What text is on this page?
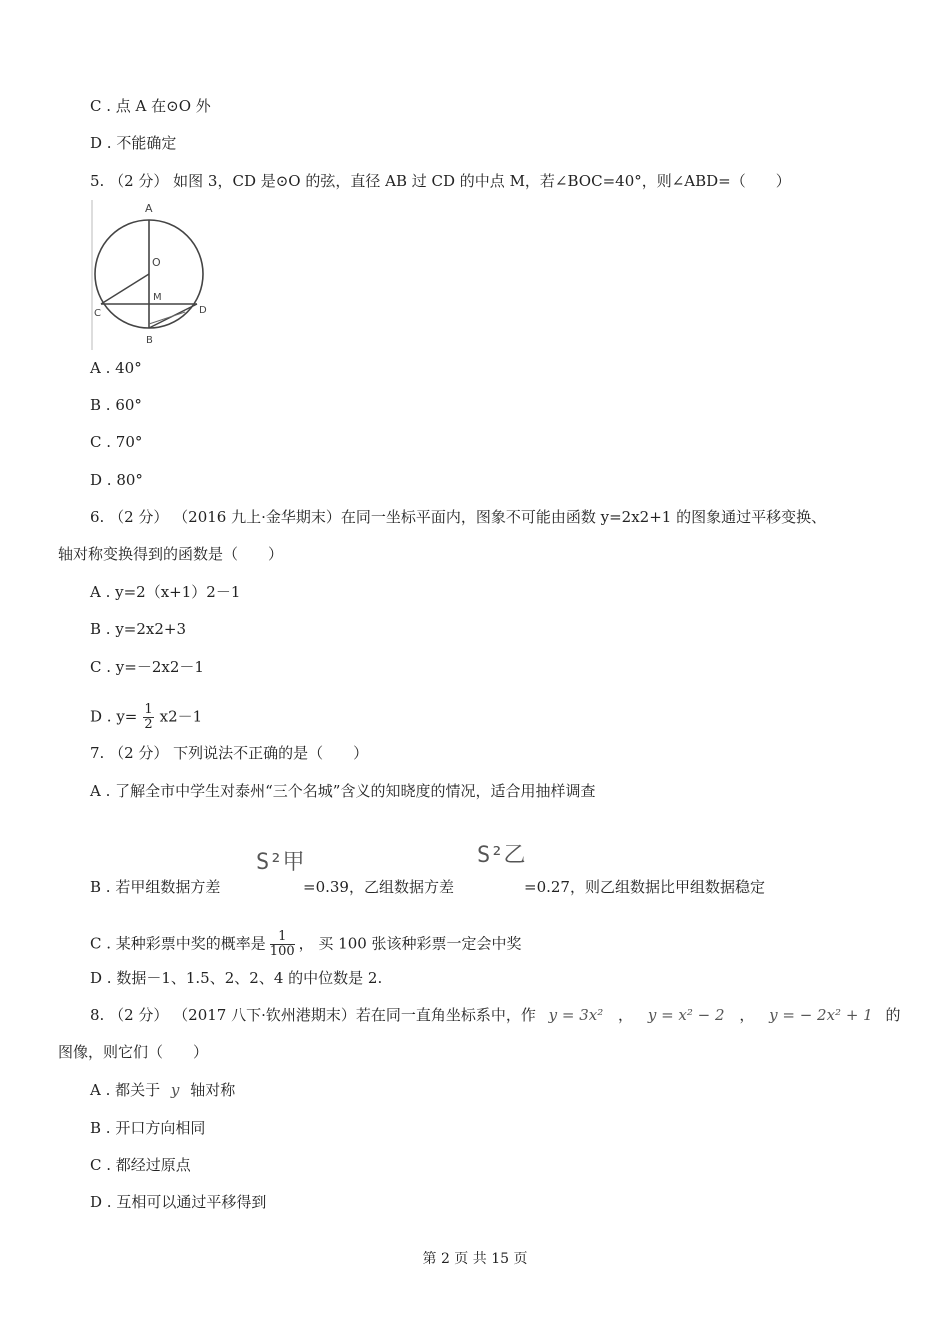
C . 点 A 在⊙O 外
D . 不能确定
5. （2 分） 如图 3，CD 是⊙O 的弦，直径 AB 过 CD 的中点 M，若∠BOC=40°，则∠ABD=（　　）
A
O
M
C	D
B
A . 40°
B . 60°
C . 70°
D . 80°
6. （2 分） （2016 九上·金华期末）在同一坐标平面内，图象不可能由函数 y=2x2+1 的图象通过平移变换、
轴对称变换得到的函数是（　　）
A . y=2（x+1）2－1
B . y=2x2+3
C . y=－2x2－1
D . $y= \frac{1}{2} x2-1$
7. （2 分） 下列说法不正确的是（　　）
A . 了解全市中学生对泰州“三个名城”含义的知晓度的情况，适合用抽样调查
B . 若甲组数据方差
S²甲
=0.39，乙组数据方差
S²乙
=0.27，则乙组数据比甲组数据稳定
C . 某种彩票中奖的概率是 $\frac{1}{100}$ ， 买 100 张该种彩票一定会中奖
D . 数据－1、1.5、2、2、4 的中位数是 2.
8. （2 分） （2017 八下·钦州港期末）若在同一直角坐标系中，作 y = 3x² ， y = x² − 2 ， y = − 2x² + 1 的
图像，则它们（　　）
A . 都关于 y 轴对称
B . 开口方向相同
C . 都经过原点
D . 互相可以通过平移得到
第 2 页 共 15 页
